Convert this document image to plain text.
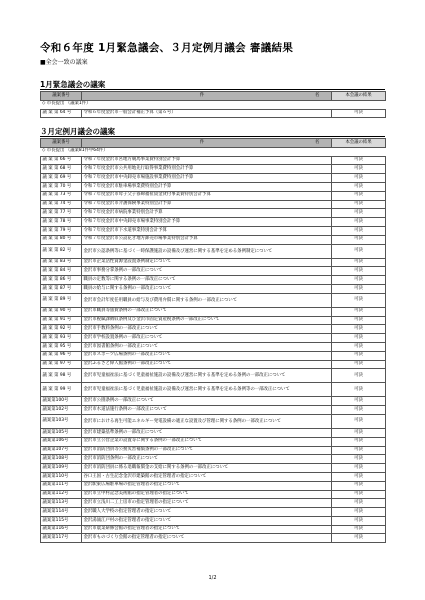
令和６年度 1月緊急議会、３月定例月議会 審議結果
■全会一致の議案
1月緊急議会の議案
議案番号	件 名	本会議の結果
◇ 市長提出 （議案1件）		
議 案 第 64 号	令和６年度金沢市一般会計補正予算（第６号）	可決
３月定例月議会の議案
議案番号	件 名	本会議の結果
◇ 市長提出 （議案81件中64件）		
議 案 第 66 号	令和７年度金沢市宮地方競馬事業費特別会計予算	可決
議 案 第 68 号	令和７年度金沢市公共用地先行取得事業費特別会計予算	可決
議 案 第 69 号	令和７年度金沢市中央卸売市場施設事業費特別会計予算	可決
議 案 第 70 号	令和７年度金沢市駐車場事業費特別会計予算	可決
議 案 第 73 号	令和７年度金沢市母子父子寡婦福祉資金貸付事業費特別会計予算	可決
議 案 第 74 号	令和７年度金沢市介護保険事業特別会計予算	可決
議 案 第 77 号	令和７年度金沢市病院事業特別会計予算	可決
議 案 第 78 号	令和７年度金沢市中央卸売市場事業特別会計予算	可決
議 案 第 79 号	令和７年度金沢市下水道事業特別会計予算	可決
議 案 第 80 号	令和７年度金沢市公設花き地方卸売市場事業特別会計予算	可決
議 案 第 82 号	金沢市公認条例等に基づく一時保護施設の設備及び運営に関する基準を定める条例制定について	可決
議 案 第 83 号	金沢市企業活性資源金設置条例制定について	可決
議 案 第 84 号	金沢市事務分掌条例の一部改正について	可決
議 案 第 86 号	職員の定数等に関する条例の一部改正について	可決
議 案 第 87 号	職員の給与に関する条例の一部改正について	可決
議 案 第 89 号	金沢市会計年度任用職員の給与及び費用弁償に関する条例の一部改正について	可決
議 案 第 90 号	金沢市職員等旅費条例の一部改正について	可決
議 案 第 91 号	金沢市税賦課徴収条例及び金沢市固定資産税条例の一部改正について	可決
議 案 第 92 号	金沢市手数料条例の一部改正について	可決
議 案 第 93 号	金沢市学校設置条例の一部改正について	可決
議 案 第 95 号	金沢市図書館条例の一部改正について	可決
議 案 第 96 号	金沢市スポーツ広場条例の一部改正について	可決
議 案 第 97 号	金沢ふるさと偉人館条例の一部改正について	可決
議 案 第 98 号	金沢市児童福祉法に基づく児童福祉施設の設備及び運営に関する基準を定める条例の一部改正について	可決
議 案 第 99 号	金沢市児童福祉法に基づく児童福祉施設の設備及び運営に関する基準を定める条例等の一部改正について	可決
議案第100号	金沢市公園条例の一部改正について	可決
議案第102号	金沢市水道法施行条例の一部改正について	可決
議案第103号	金沢市における再生可能エネルギー発電設備の適正な設置及び管理に関する条例の一部改正について	可決
議案第105号	金沢市建築基準条例の一部改正について	可決
議案第106号	金沢市立公営企業の設置等に関する条例の一部改正について	可決
議案第107号	金沢市消防団員等公務災害補償条例の一部改正について	可決
議案第108号	金沢市消防団条例の一部改正について	可決
議案第109号	金沢市消防団員に係る退職報償金の支給に関する条例の一部改正について	可決
議案第110号	谷口王国・古生記念金沢市建築館の指定管理者の指定について	可決
議案第111号	金沢駅東広場駐車場の指定管理者の指定について	可決
議案第112号	金沢市立中村記念美術館の指定管理者の指定について	可決
議案第113号	金沢市立浅川二工上房市の指定管理者の指定について	可決
議案第114号	金沢職人大学校の指定管理者の指定について	可決
議案第115号	金沢湯涌江戸村の指定管理者の指定について	可決
議案第116号	金沢市農業研修会館の指定管理者の指定について	可決
議案第117号	金沢市ものづくり会館の指定管理者の指定について	可決
1/2
